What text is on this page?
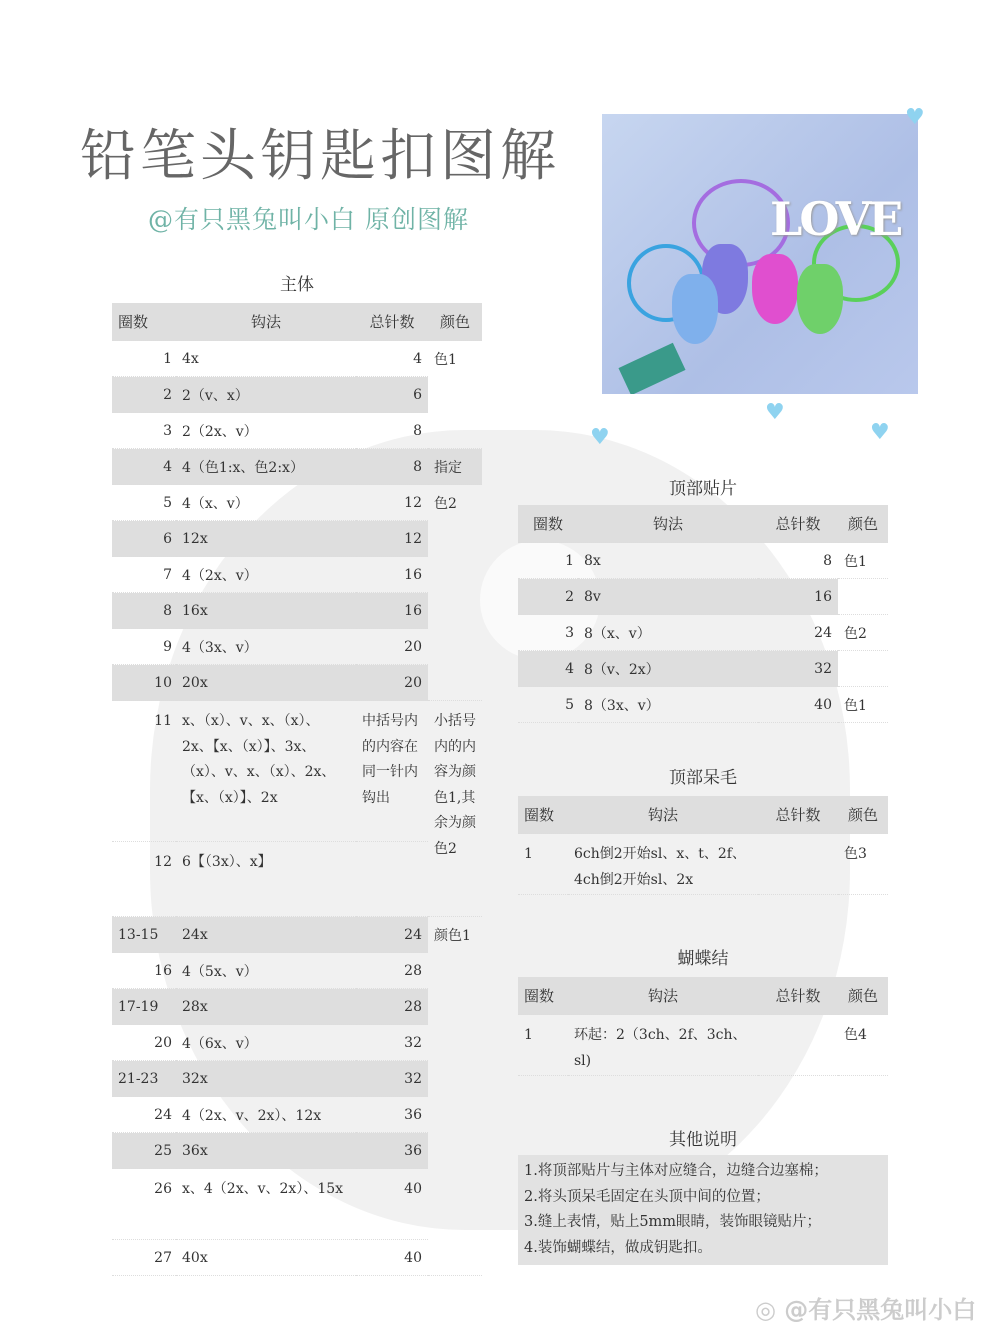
铅笔头钥匙扣图解
@有只黑兔叫小白 原创图解	LOVE
♥
♥	♥
♥
主体
圈数	钩法	总针数	颜色
1	4x	4	色1
2	2（v、x）	6	
3	2（2x、v）	8	
4	4（色1:x、色2:x）	8	指定
5	4（x、v）	12	色2
6	12x	12	
7	4（2x、v）	16	
8	16x	16	
9	4（3x、v）	20	
10	20x	20	
11	x、（x）、v、x、（x）、2x、【x、（x）】、3x、（x）、v、x、（x）、2x、【x、（x）】、2x	中括号内的内容在同一针内钩出	小括号内的内容为颜色1,其余为颜色2
12	6【（3x）、x】		
13-15	24x	24	颜色1
16	4（5x、v）	28	
17-19	28x	28	
20	4（6x、v）	32	
21-23	32x	32	
24	4（2x、v、2x）、12x	36	
25	36x	36	
26	x、4（2x、v、2x）、15x	40	
27	40x	40	
顶部贴片
圈数	钩法	总针数	颜色
1	8x	8	色1
2	8v	16	
3	8（x、v）	24	色2
4	8（v、2x）	32	
5	8（3x、v）	40	色1
顶部呆毛
圈数	钩法	总针数	颜色
1	6ch倒2开始sl、x、t、2f、4ch倒2开始sl、2x		色3
蝴蝶结
圈数	钩法	总针数	颜色
1	环起：2（3ch、2f、3ch、sl)		色4
其他说明
1.将顶部贴片与主体对应缝合，边缝合边塞棉；
2.将头顶呆毛固定在头顶中间的位置；
3.缝上表情，贴上5mm眼睛，装饰眼镜贴片；
4.装饰蝴蝶结，做成钥匙扣。
◎ @有只黑兔叫小白
